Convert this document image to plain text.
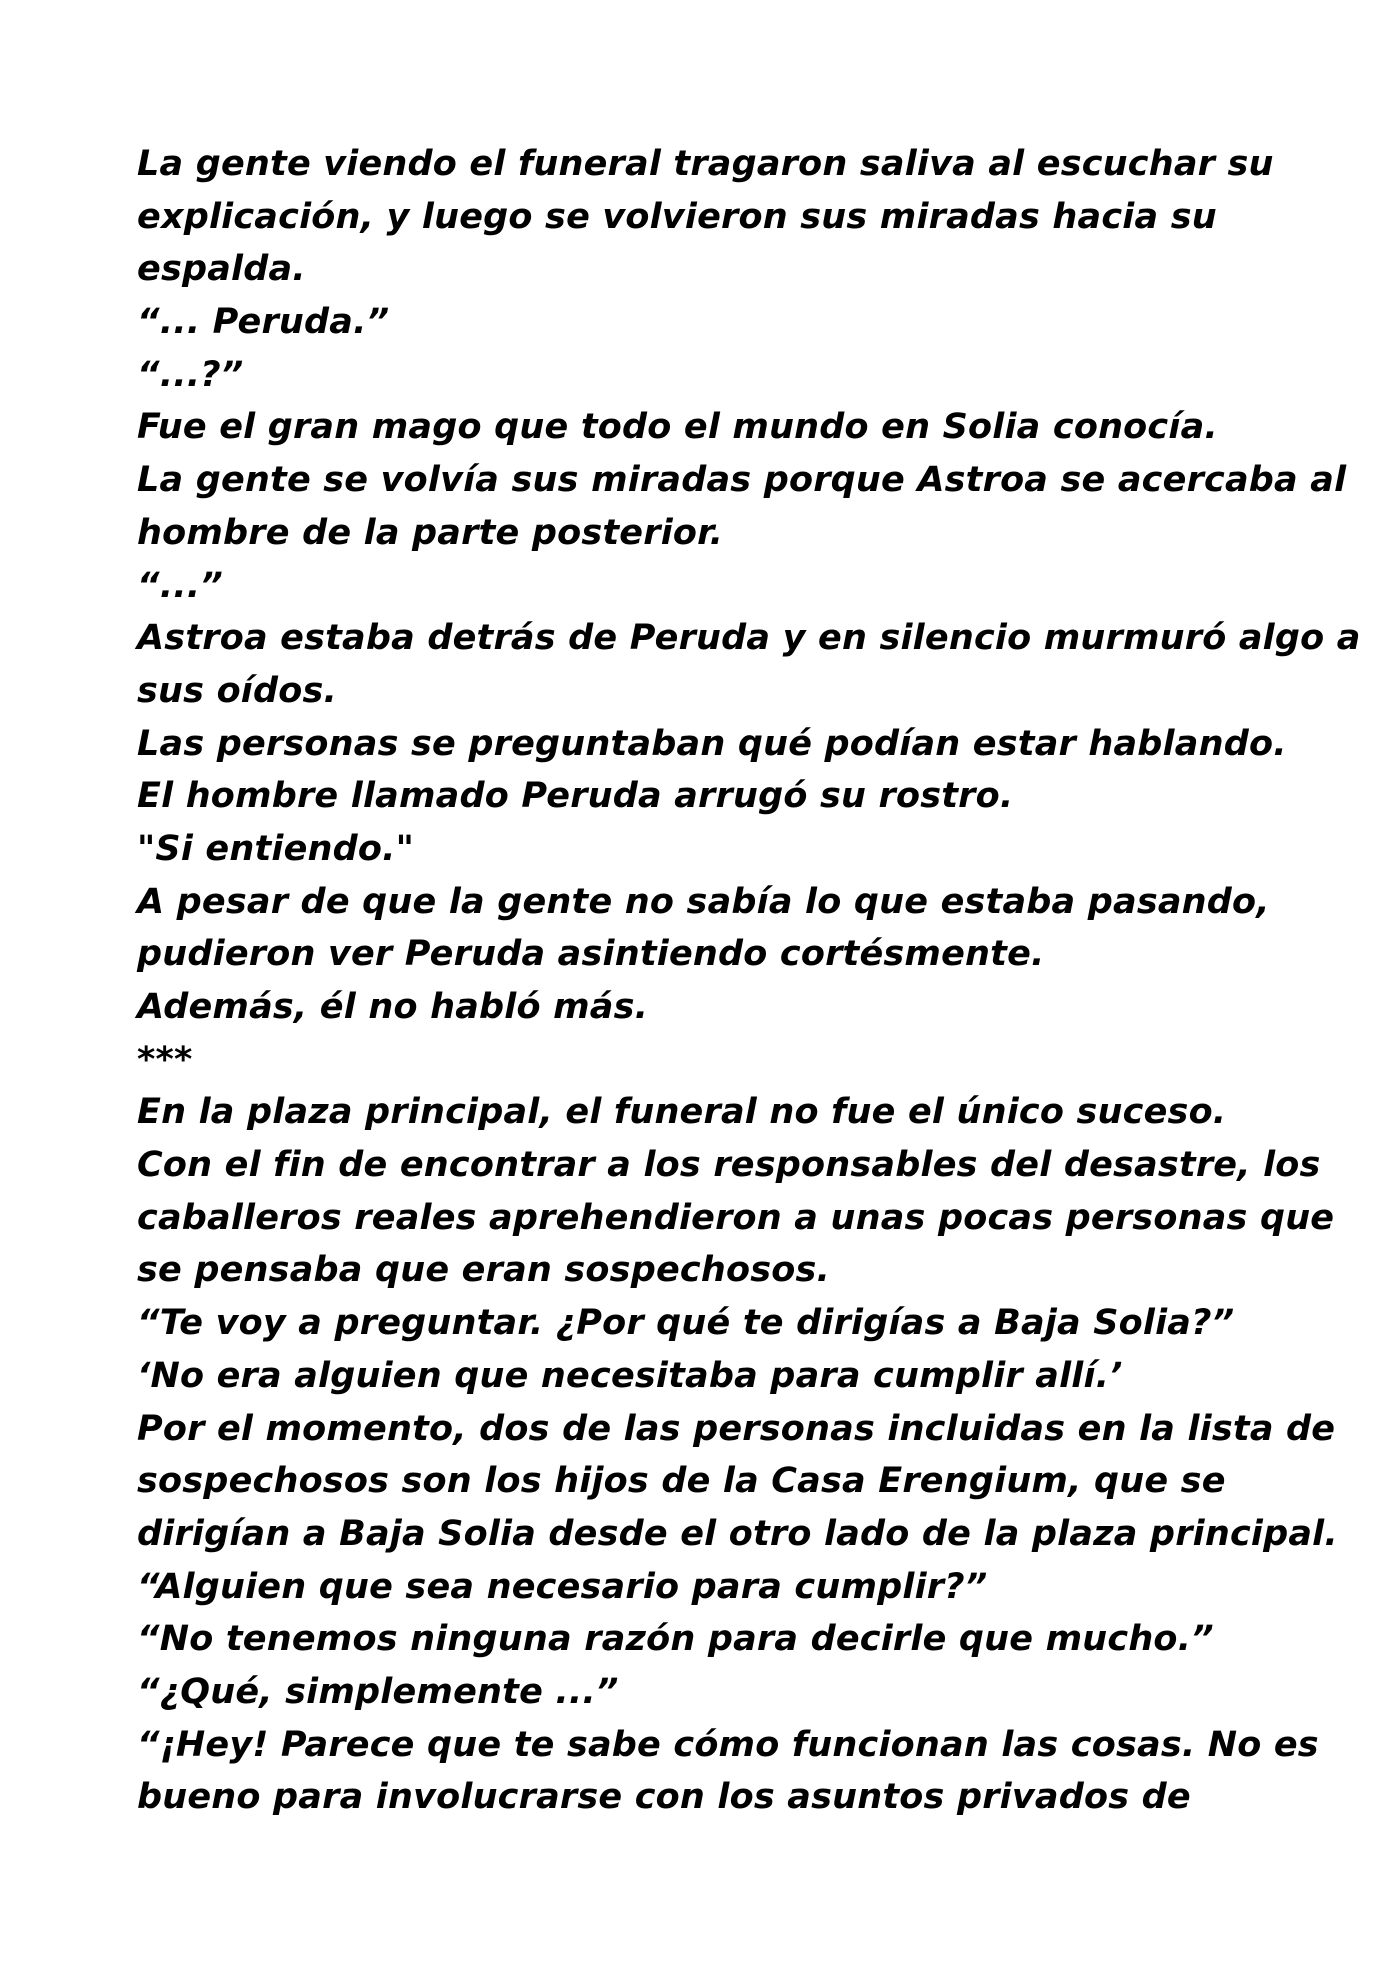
La gente viendo el funeral tragaron saliva al escuchar su
explicación, y luego se volvieron sus miradas hacia su
espalda.
“... Peruda.”
“...?”
Fue el gran mago que todo el mundo en Solia conocía.
La gente se volvía sus miradas porque Astroa se acercaba al
hombre de la parte posterior.
“...”
Astroa estaba detrás de Peruda y en silencio murmuró algo a
sus oídos.
Las personas se preguntaban qué podían estar hablando.
El hombre llamado Peruda arrugó su rostro.
"Si entiendo."
A pesar de que la gente no sabía lo que estaba pasando,
pudieron ver Peruda asintiendo cortésmente.
Además, él no habló más.
***
En la plaza principal, el funeral no fue el único suceso.
Con el fin de encontrar a los responsables del desastre, los
caballeros reales aprehendieron a unas pocas personas que
se pensaba que eran sospechosos.
“Te voy a preguntar. ¿Por qué te dirigías a Baja Solia?”
‘No era alguien que necesitaba para cumplir allí.’
Por el momento, dos de las personas incluidas en la lista de
sospechosos son los hijos de la Casa Erengium, que se
dirigían a Baja Solia desde el otro lado de la plaza principal.
“Alguien que sea necesario para cumplir?”
“No tenemos ninguna razón para decirle que mucho.”
“¿Qué, simplemente ...”
“¡Hey! Parece que te sabe cómo funcionan las cosas. No es
bueno para involucrarse con los asuntos privados de
